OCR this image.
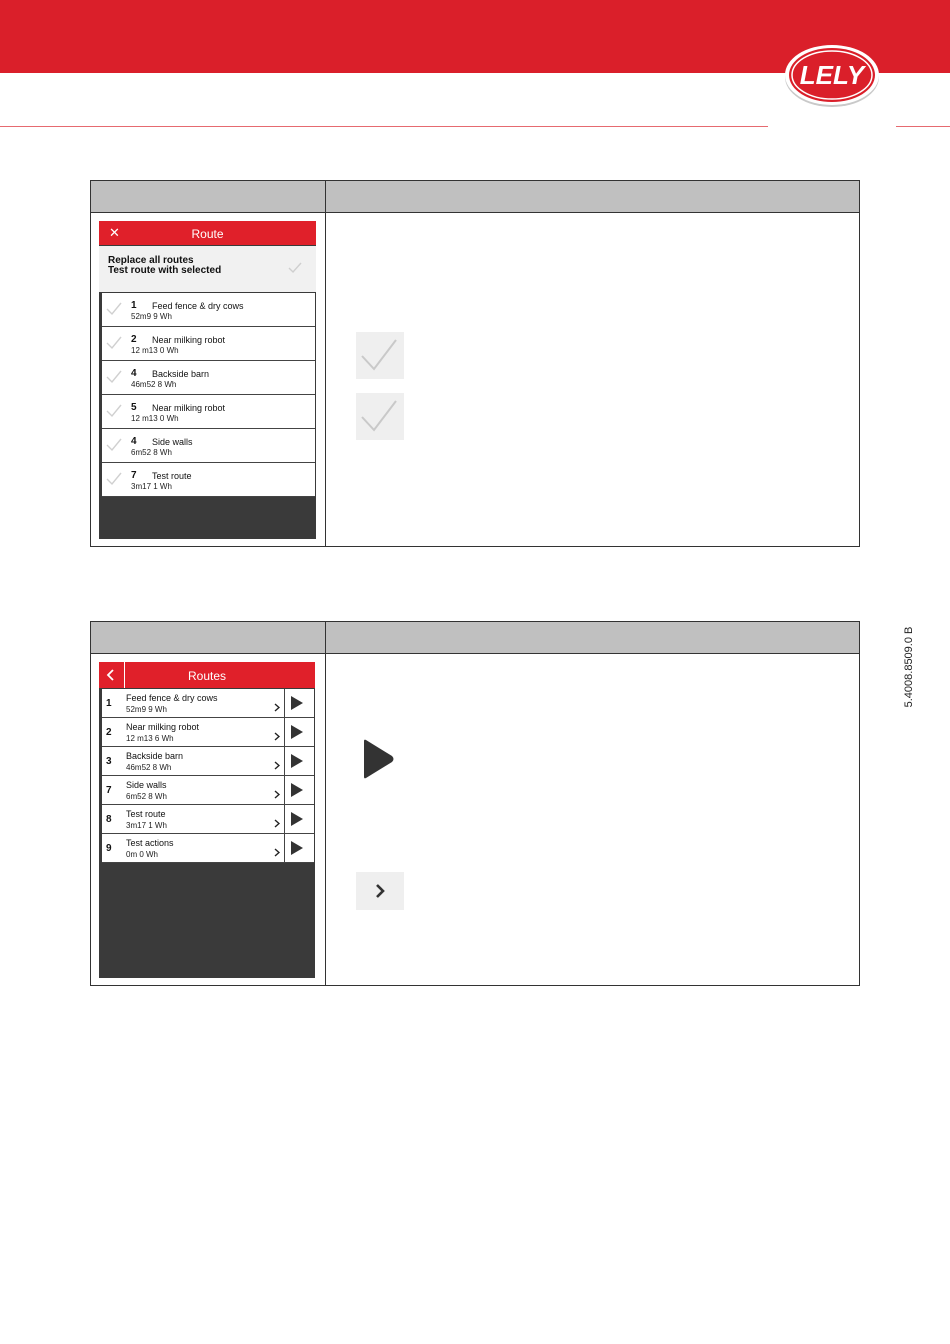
LELY
5.4008.8509.0 B
✕	Route
Replace all routes
Test route with selected
1 Feed fence & dry cows
52m9 9 Wh
2 Near milking robot
12 m13 0 Wh
4 Backside barn
46m52 8 Wh
5 Near milking robot
12 m13 0 Wh
4 Side walls
6m52 8 Wh
7 Test route
3m17 1 Wh
Routes
1 Feed fence & dry cows
52m9 9 Wh
2 Near milking robot
12 m13 6 Wh
3 Backside barn
46m52 8 Wh
7 Side walls
6m52 8 Wh
8 Test route
3m17 1 Wh
9 Test actions
0m 0 Wh
